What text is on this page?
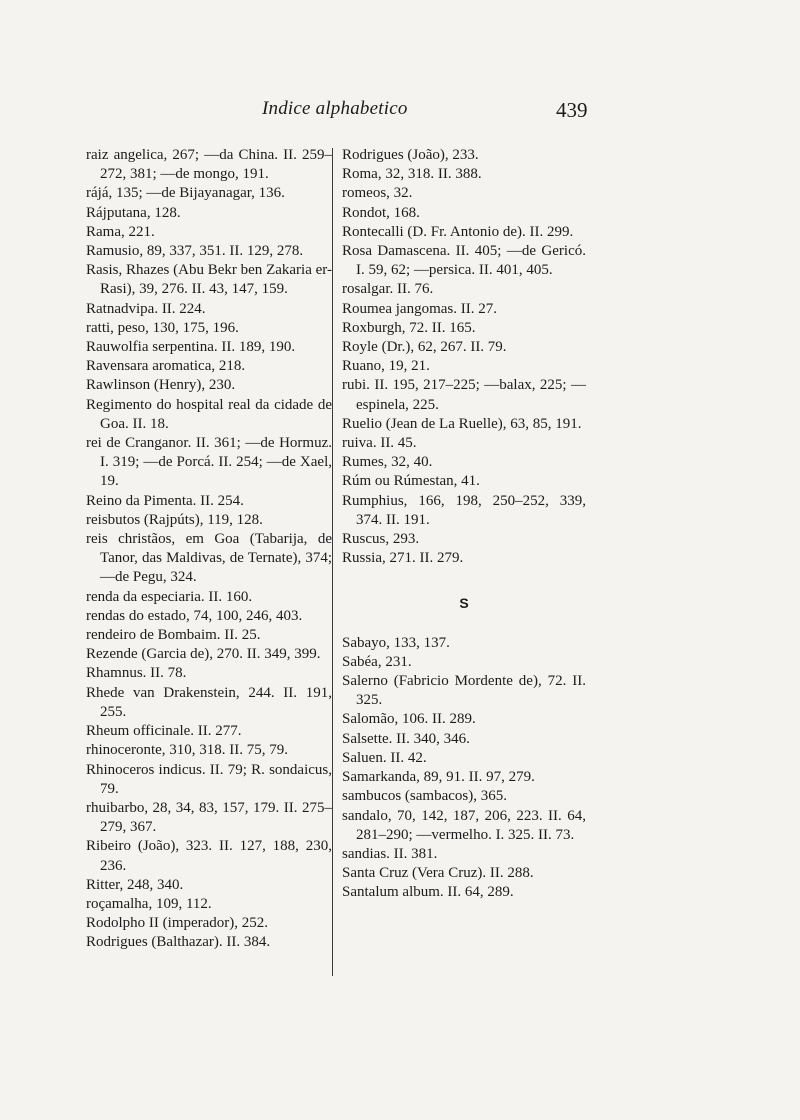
Indice alphabetico	439
raiz angelica, 267; —da China. II. 259–272, 381; —de mongo, 191.
rájá, 135; —de Bijayanagar, 136.
Rájputana, 128.
Rama, 221.
Ramusio, 89, 337, 351. II. 129, 278.
Rasis, Rhazes (Abu Bekr ben Zakaria er-Rasi), 39, 276. II. 43, 147, 159.
Ratnadvipa. II. 224.
ratti, peso, 130, 175, 196.
Rauwolfia serpentina. II. 189, 190.
Ravensara aromatica, 218.
Rawlinson (Henry), 230.
Regimento do hospital real da cidade de Goa. II. 18.
rei de Cranganor. II. 361; —de Hormuz. I. 319; —de Porcá. II. 254; —de Xael, 19.
Reino da Pimenta. II. 254.
reisbutos (Rajpúts), 119, 128.
reis christãos, em Goa (Tabarija, de Tanor, das Maldivas, de Ternate), 374; —de Pegu, 324.
renda da especiaria. II. 160.
rendas do estado, 74, 100, 246, 403.
rendeiro de Bombaim. II. 25.
Rezende (Garcia de), 270. II. 349, 399.
Rhamnus. II. 78.
Rhede van Drakenstein, 244. II. 191, 255.
Rheum officinale. II. 277.
rhinoceronte, 310, 318. II. 75, 79.
Rhinoceros indicus. II. 79; R. sondaicus, 79.
rhuibarbo, 28, 34, 83, 157, 179. II. 275–279, 367.
Ribeiro (João), 323. II. 127, 188, 230, 236.
Ritter, 248, 340.
roçamalha, 109, 112.
Rodolpho II (imperador), 252.
Rodrigues (Balthazar). II. 384.
Rodrigues (João), 233.
Roma, 32, 318. II. 388.
romeos, 32.
Rondot, 168.
Rontecalli (D. Fr. Antonio de). II. 299.
Rosa Damascena. II. 405; —de Gericó. I. 59, 62; —persica. II. 401, 405.
rosalgar. II. 76.
Roumea jangomas. II. 27.
Roxburgh, 72. II. 165.
Royle (Dr.), 62, 267. II. 79.
Ruano, 19, 21.
rubi. II. 195, 217–225; —balax, 225; —espinela, 225.
Ruelio (Jean de La Ruelle), 63, 85, 191.
ruiva. II. 45.
Rumes, 32, 40.
Rúm ou Rúmestan, 41.
Rumphius, 166, 198, 250–252, 339, 374. II. 191.
Ruscus, 293.
Russia, 271. II. 279.
S
Sabayo, 133, 137.
Sabéa, 231.
Salerno (Fabricio Mordente de), 72. II. 325.
Salomão, 106. II. 289.
Salsette. II. 340, 346.
Saluen. II. 42.
Samarkanda, 89, 91. II. 97, 279.
sambucos (sambacos), 365.
sandalo, 70, 142, 187, 206, 223. II. 64, 281–290; —vermelho. I. 325. II. 73.
sandias. II. 381.
Santa Cruz (Vera Cruz). II. 288.
Santalum album. II. 64, 289.
